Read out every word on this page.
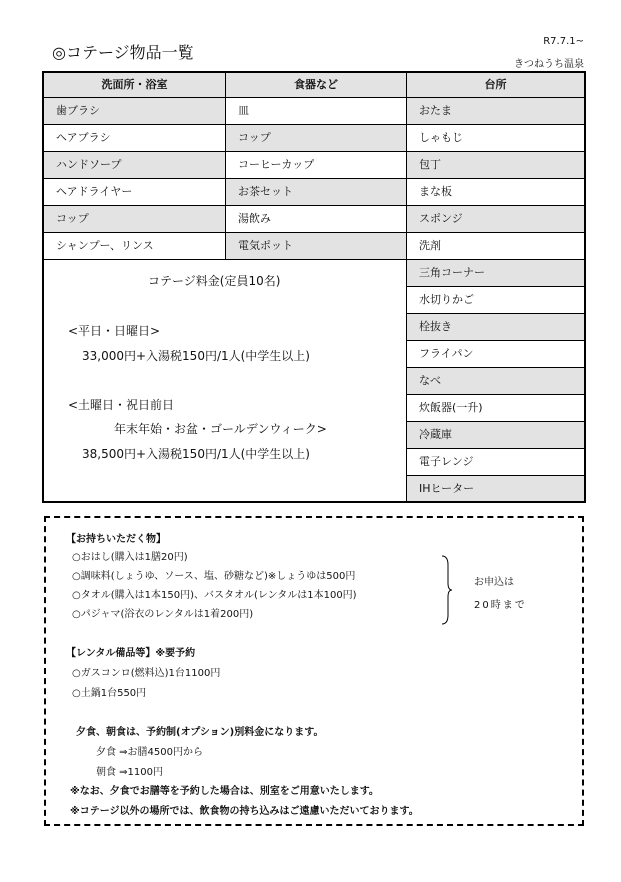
◎コテージ物品一覧
R7.7.1~
きつねうち温泉
洗面所・浴室
歯ブラシ
ヘアブラシ
ハンドソープ
ヘアドライヤー
コップ
シャンプー、リンス
食器など
皿
コップ
コーヒーカップ
お茶セット
湯飲み
電気ポット
台所
おたま
しゃもじ
包丁
まな板
スポンジ
洗剤
三角コーナー
水切りかご
栓抜き
フライパン
なべ
炊飯器(一升)
冷蔵庫
電子レンジ
IHヒーター
コテージ料金(定員10名)
<平日・日曜日>
33,000円+入湯税150円/1人(中学生以上)
<土曜日・祝日前日
年末年始・お盆・ゴールデンウィーク>
38,500円+入湯税150円/1人(中学生以上)
【お持ちいただく物】
○おはし(購入は1膳20円)
○調味料(しょうゆ、ソース、塩、砂糖など)※しょうゆは500円
○タオル(購入は1本150円)、バスタオル(レンタルは1本100円)
○パジャマ(浴衣のレンタルは1着200円)
お申込は
20時まで
【レンタル備品等】※要予約
○ガスコンロ(燃料込)1台1100円
○土鍋1台550円
夕食、朝食は、予約制(オプション)別料金になります。
夕食 ⇒お膳4500円から
朝食 ⇒1100円
※なお、夕食でお膳等を予約した場合は、別室をご用意いたします。
※コテージ以外の場所では、飲食物の持ち込みはご遠慮いただいております。
